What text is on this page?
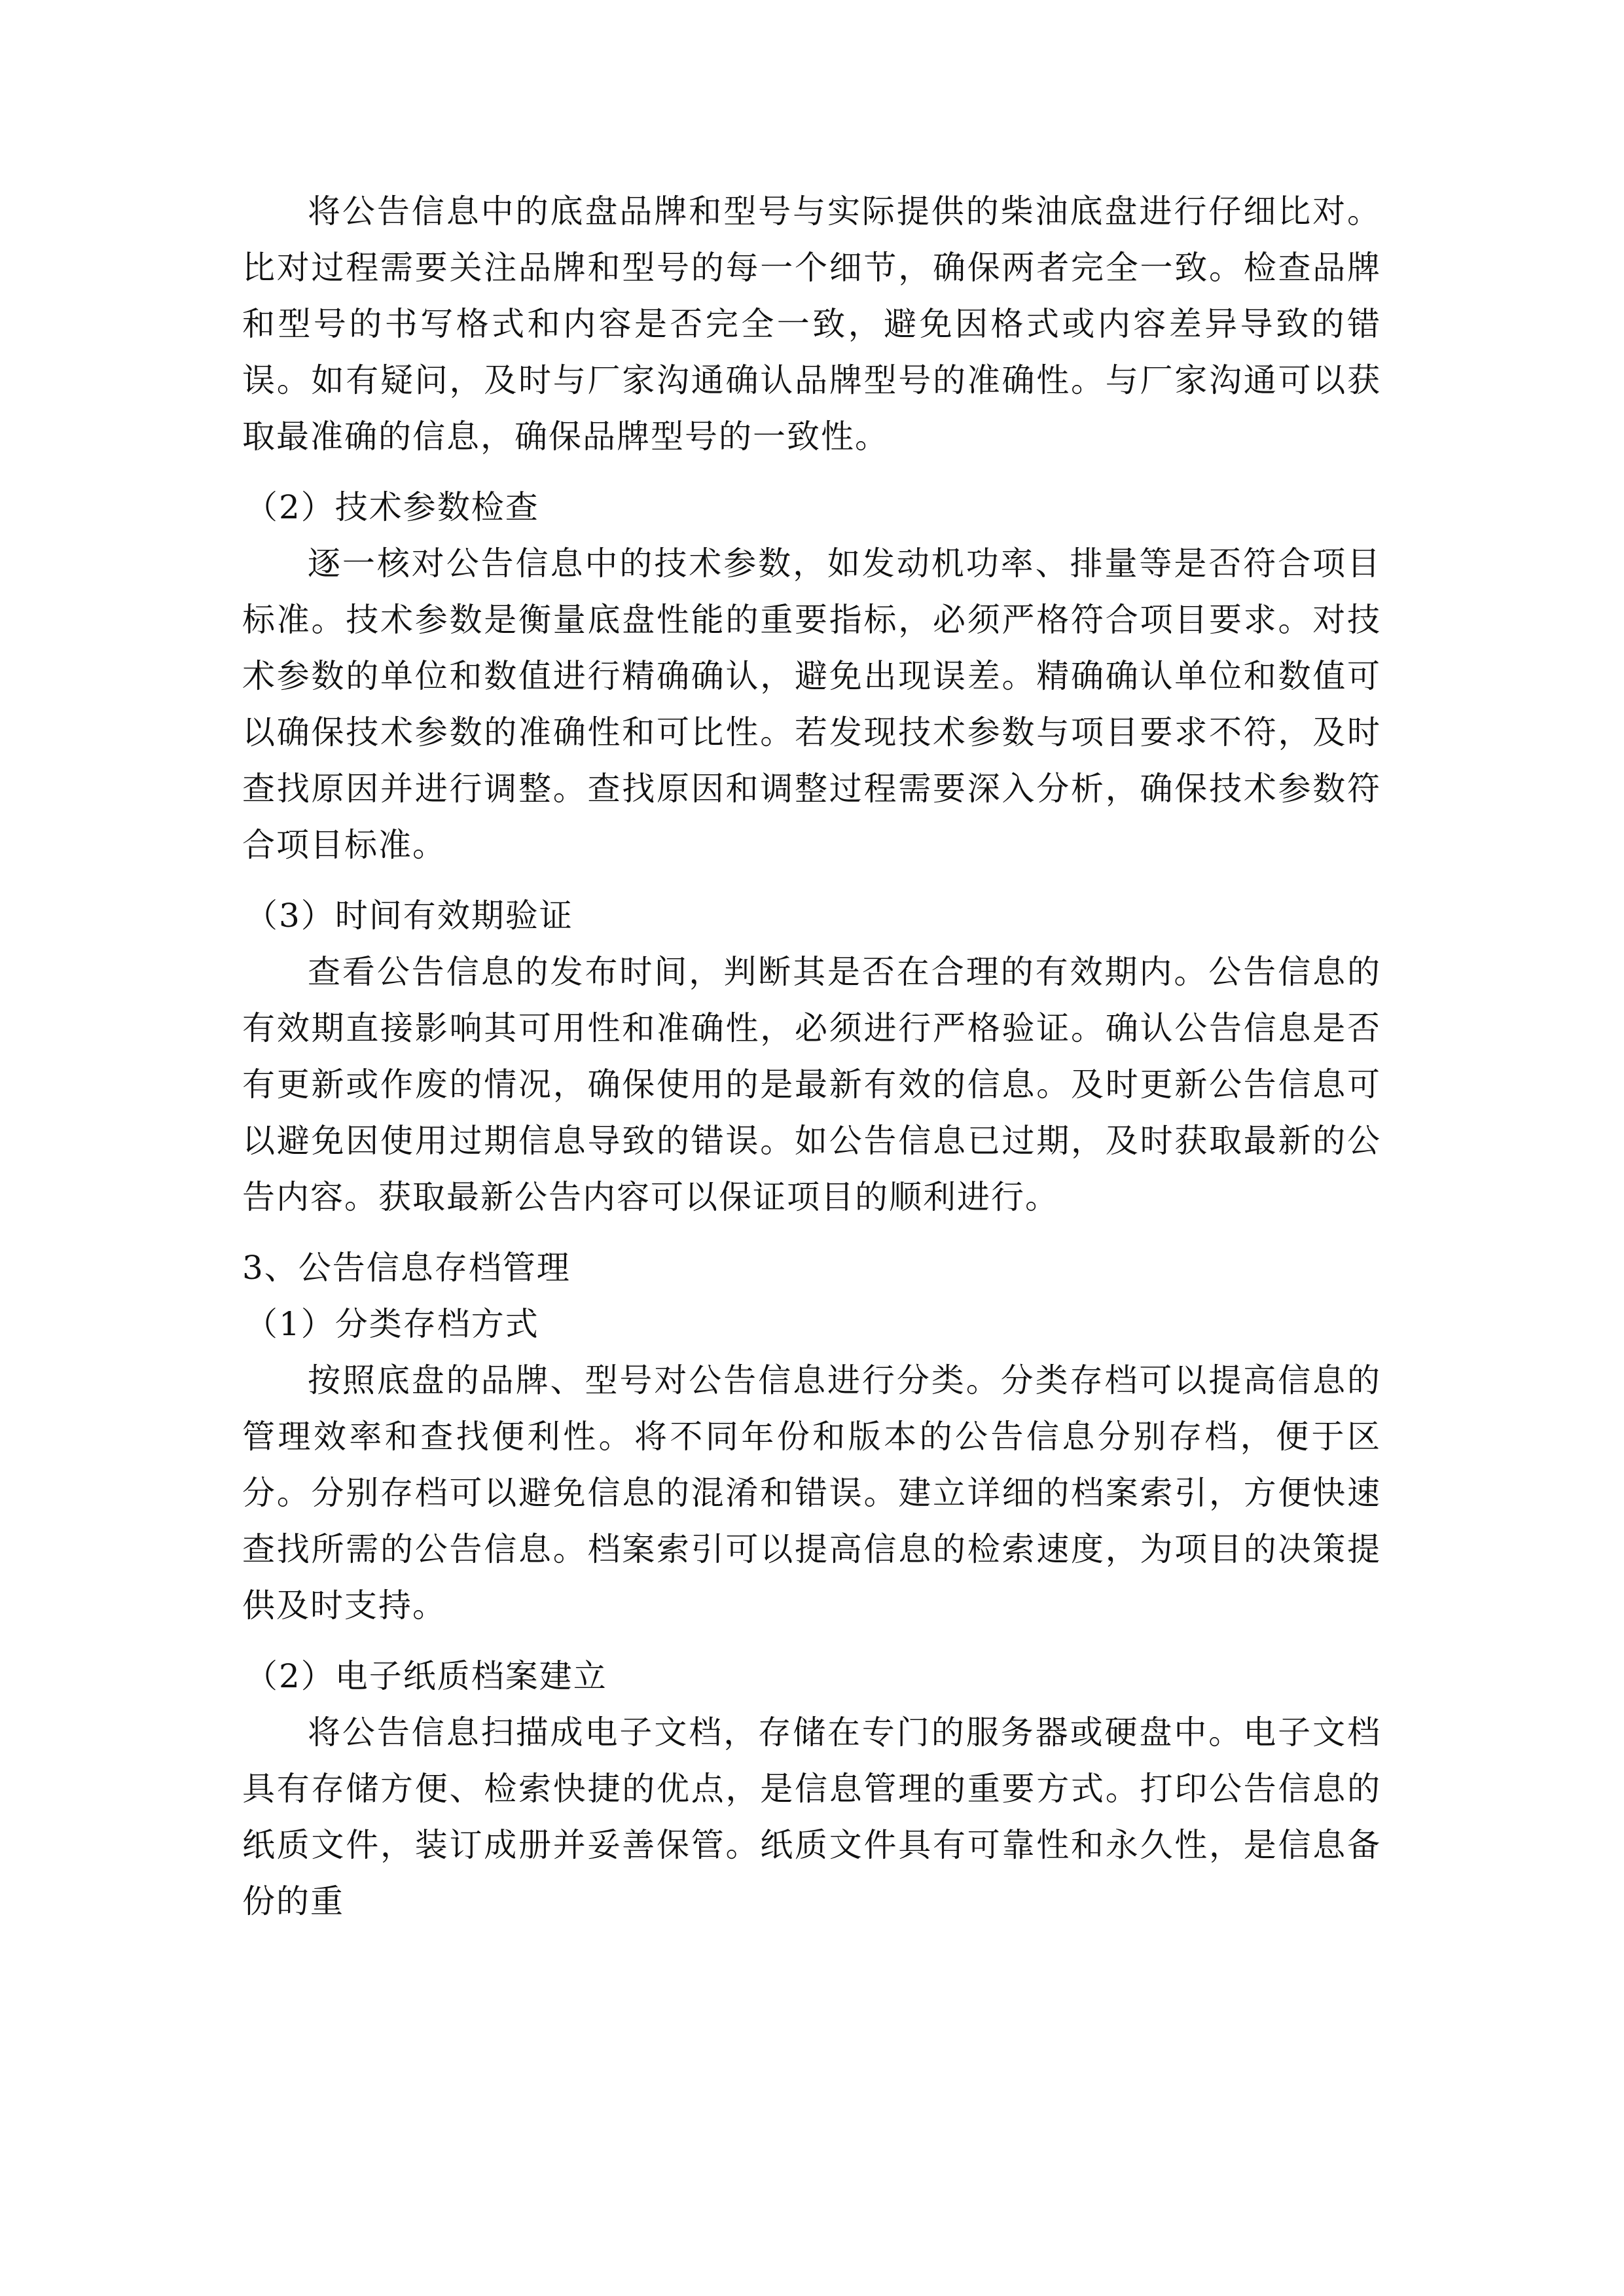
将公告信息中的底盘品牌和型号与实际提供的柴油底盘进行仔细比对。比对过程需要关注品牌和型号的每一个细节，确保两者完全一致。检查品牌和型号的书写格式和内容是否完全一致，避免因格式或内容差异导致的错误。如有疑问，及时与厂家沟通确认品牌型号的准确性。与厂家沟通可以获取最准确的信息，确保品牌型号的一致性。

（2）技术参数检查

逐一核对公告信息中的技术参数，如发动机功率、排量等是否符合项目标准。技术参数是衡量底盘性能的重要指标，必须严格符合项目要求。对技术参数的单位和数值进行精确确认，避免出现误差。精确确认单位和数值可以确保技术参数的准确性和可比性。若发现技术参数与项目要求不符，及时查找原因并进行调整。查找原因和调整过程需要深入分析，确保技术参数符合项目标准。

（3）时间有效期验证

查看公告信息的发布时间，判断其是否在合理的有效期内。公告信息的有效期直接影响其可用性和准确性，必须进行严格验证。确认公告信息是否有更新或作废的情况，确保使用的是最新有效的信息。及时更新公告信息可以避免因使用过期信息导致的错误。如公告信息已过期，及时获取最新的公告内容。获取最新公告内容可以保证项目的顺利进行。

3、公告信息存档管理

（1）分类存档方式

按照底盘的品牌、型号对公告信息进行分类。分类存档可以提高信息的管理效率和查找便利性。将不同年份和版本的公告信息分别存档，便于区分。分别存档可以避免信息的混淆和错误。建立详细的档案索引，方便快速查找所需的公告信息。档案索引可以提高信息的检索速度，为项目的决策提供及时支持。

（2）电子纸质档案建立

将公告信息扫描成电子文档，存储在专门的服务器或硬盘中。电子文档具有存储方便、检索快捷的优点，是信息管理的重要方式。打印公告信息的纸质文件，装订成册并妥善保管。纸质文件具有可靠性和永久性，是信息备份的重
